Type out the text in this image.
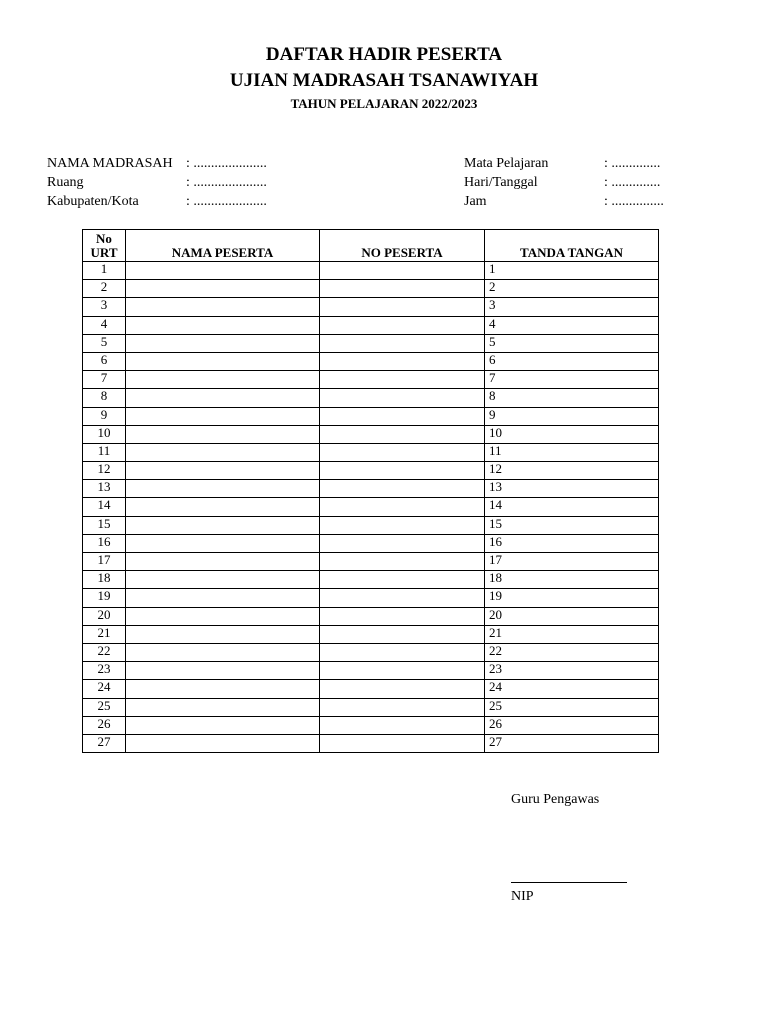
DAFTAR HADIR PESERTA
UJIAN MADRASAH TSANAWIYAH
TAHUN PELAJARAN 2022/2023
NAMA MADRASAH : .....................
Ruang	: .....................
Kabupaten/Kota	: .....................
Mata Pelajaran	: ..............
Hari/Tanggal	: ..............
Jam	: ...............
No
URT	NAMA PESERTA	NO PESERTA	TANDA TANGAN
1			1
2			2
3			3
4			4
5			5
6			6
7			7
8			8
9			9
10			10
11			11
12			12
13			13
14			14
15			15
16			16
17			17
18			18
19			19
20			20
21			21
22			22
23			23
24			24
25			25
26			26
27			27
Guru Pengawas
NIP
